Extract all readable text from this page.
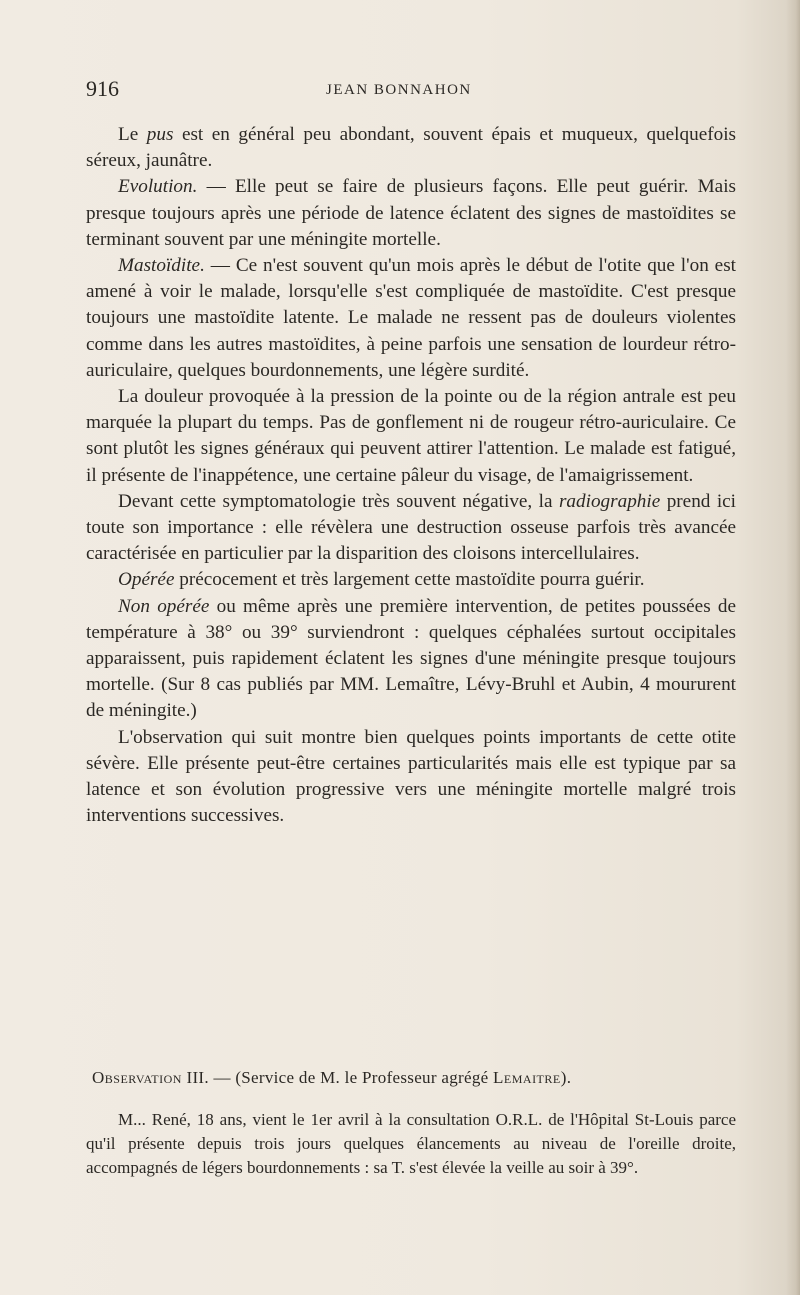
916	JEAN BONNAHON

Le pus est en général peu abondant, souvent épais et muqueux, quelquefois séreux, jaunâtre.

Evolution. — Elle peut se faire de plusieurs façons. Elle peut guérir. Mais presque toujours après une période de latence éclatent des signes de mastoïdites se terminant souvent par une méningite mortelle.

Mastoïdite. — Ce n'est souvent qu'un mois après le début de l'otite que l'on est amené à voir le malade, lorsqu'elle s'est compliquée de mastoïdite. C'est presque toujours une mastoïdite latente. Le malade ne ressent pas de douleurs violentes comme dans les autres mastoïdites, à peine parfois une sensation de lourdeur rétro-auriculaire, quelques bourdonnements, une légère surdité.

La douleur provoquée à la pression de la pointe ou de la région antrale est peu marquée la plupart du temps. Pas de gonflement ni de rougeur rétro-auriculaire. Ce sont plutôt les signes généraux qui peuvent attirer l'attention. Le malade est fatigué, il présente de l'inappétence, une certaine pâleur du visage, de l'amaigrissement.

Devant cette symptomatologie très souvent négative, la radiographie prend ici toute son importance : elle révèlera une destruction osseuse parfois très avancée caractérisée en particulier par la disparition des cloisons intercellulaires.

Opérée précocement et très largement cette mastoïdite pourra guérir.

Non opérée ou même après une première intervention, de petites poussées de température à 38° ou 39° surviendront : quelques céphalées surtout occipitales apparaissent, puis rapidement éclatent les signes d'une méningite presque toujours mortelle. (Sur 8 cas publiés par MM. Lemaître, Lévy-Bruhl et Aubin, 4 moururent de méningite.)

L'observation qui suit montre bien quelques points importants de cette otite sévère. Elle présente peut-être certaines particularités mais elle est typique par sa latence et son évolution progressive vers une méningite mortelle malgré trois interventions successives.

Observation III. — (Service de M. le Professeur agrégé Lemaitre).

M... René, 18 ans, vient le 1er avril à la consultation O.R.L. de l'Hôpital St-Louis parce qu'il présente depuis trois jours quelques élancements au niveau de l'oreille droite, accompagnés de légers bourdonnements : sa T. s'est élevée la veille au soir à 39°.
